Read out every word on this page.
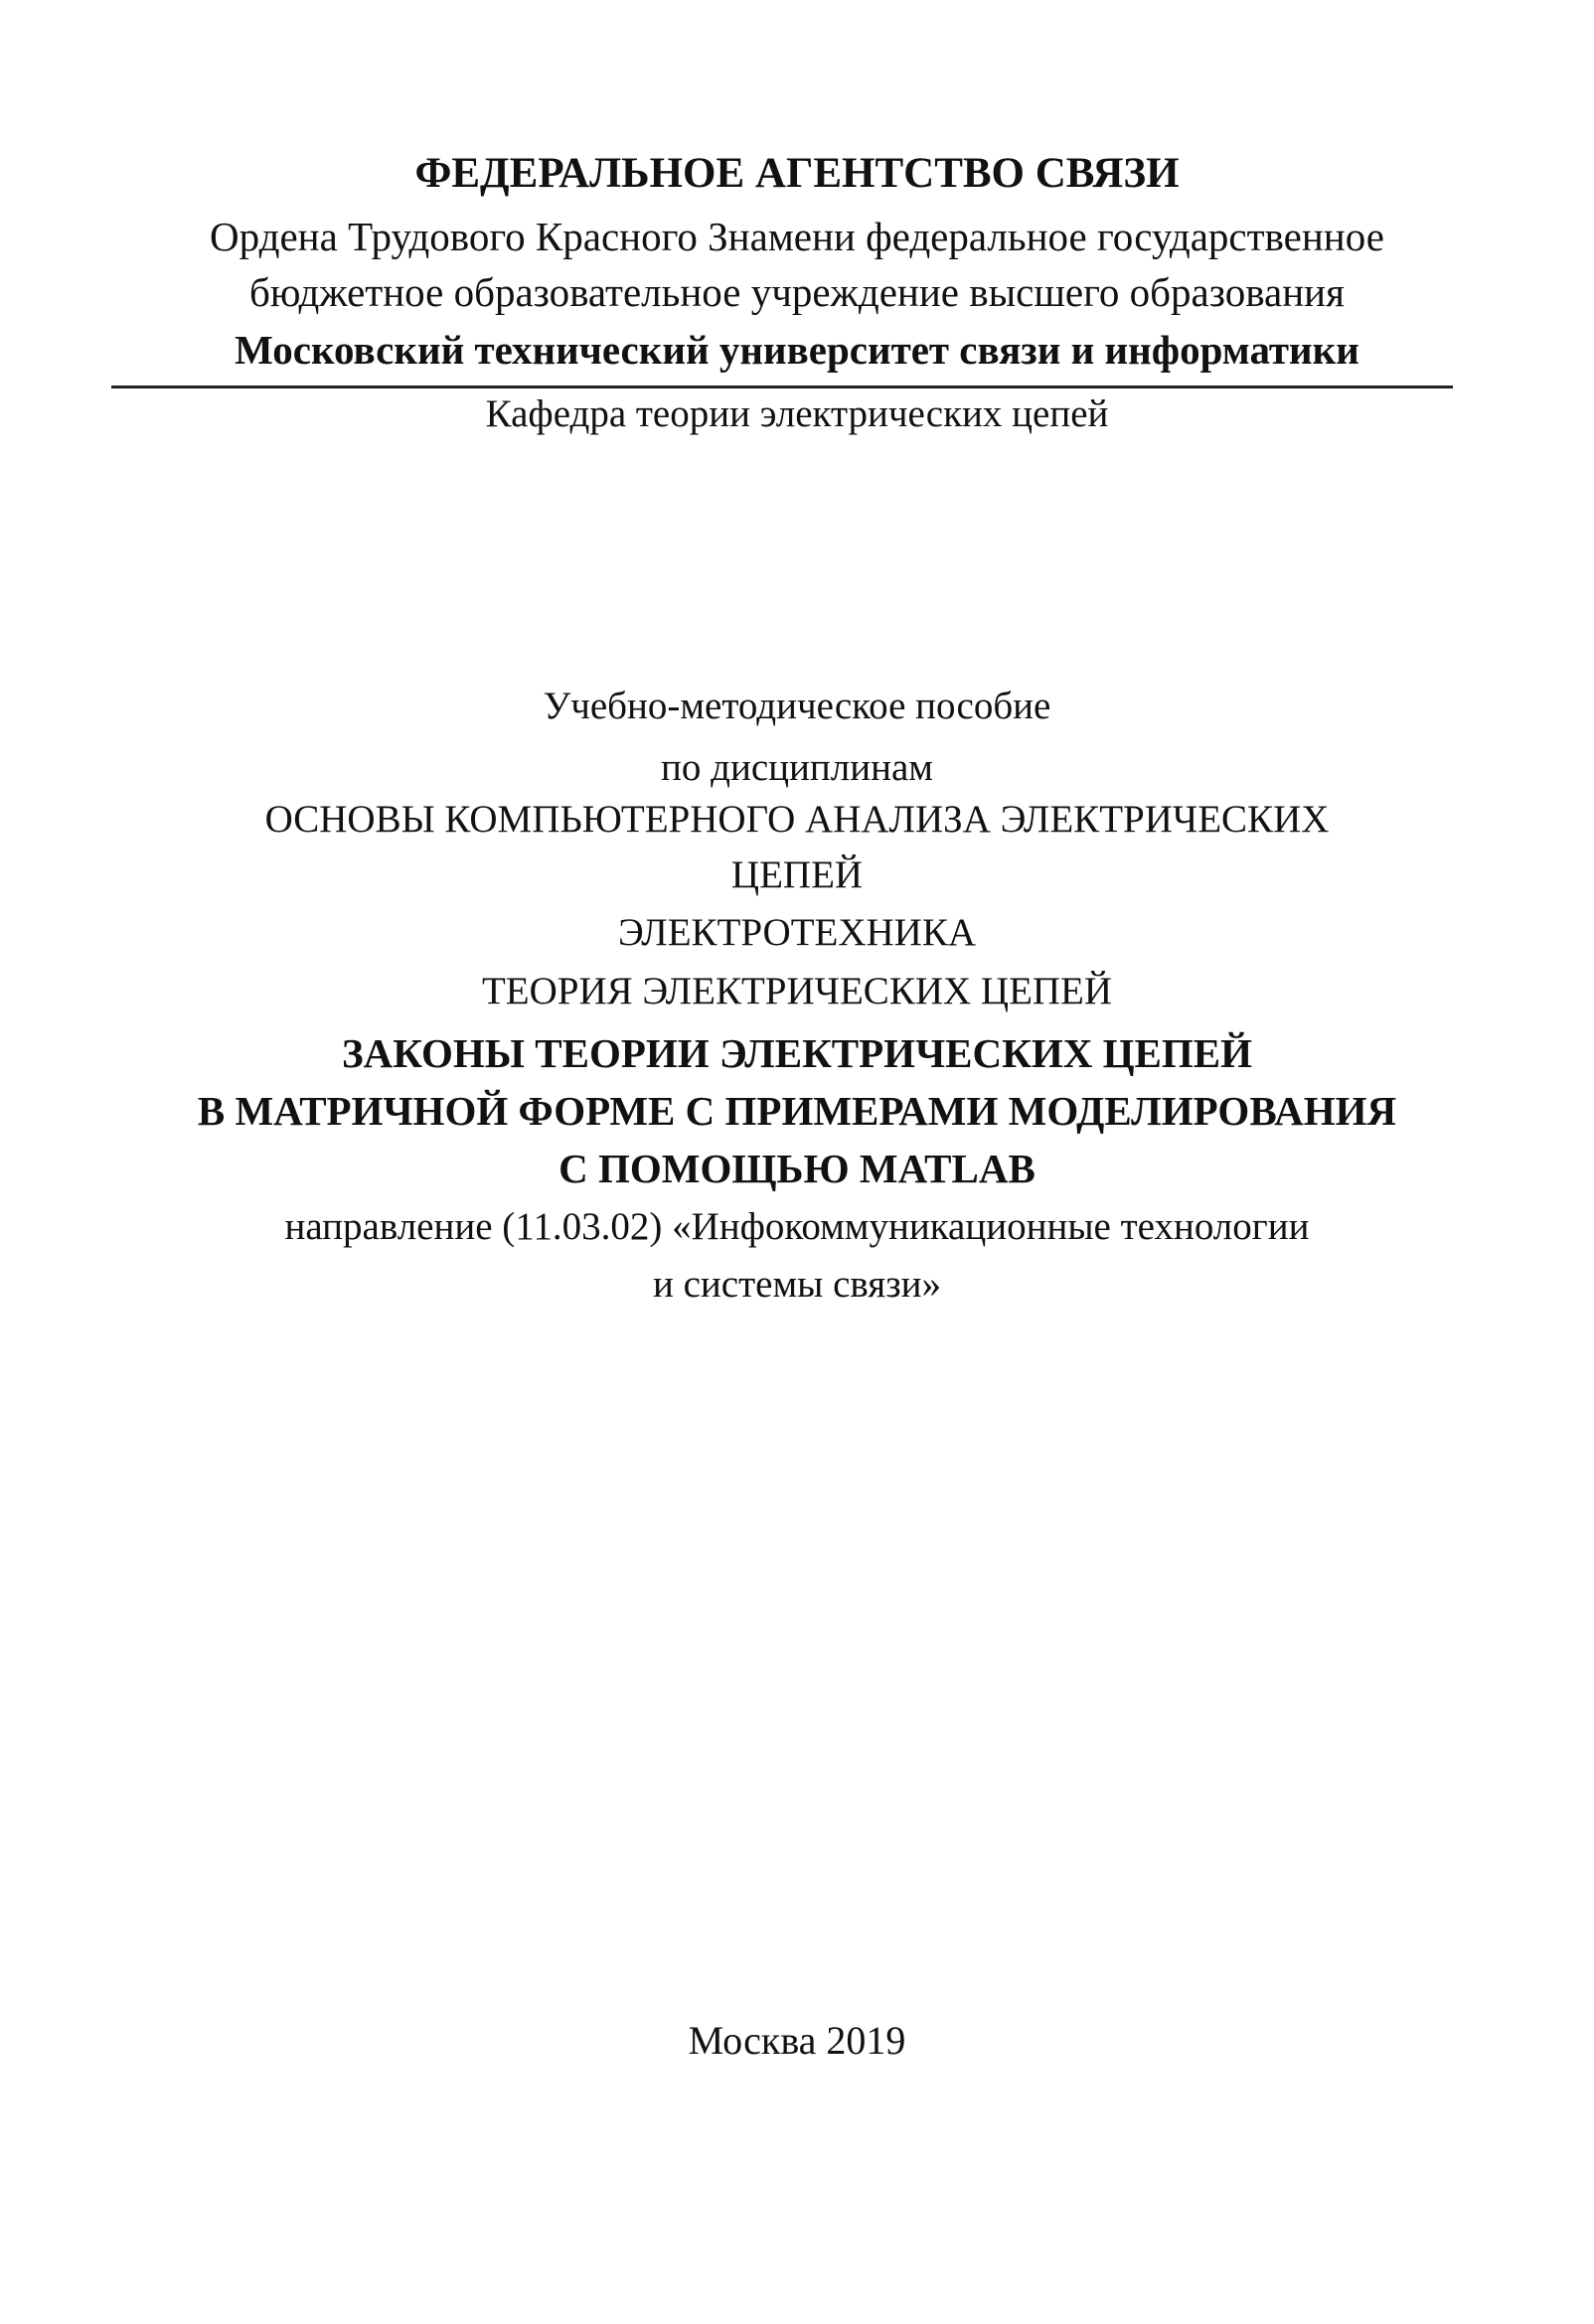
ФЕДЕРАЛЬНОЕ АГЕНТСТВО СВЯЗИ
Ордена Трудового Красного Знамени федеральное государственное
бюджетное образовательное учреждение высшего образования
Московский технический университет связи и информатики
Кафедра теории электрических цепей
Учебно-методическое пособие
по дисциплинам
ОСНОВЫ КОМПЬЮТЕРНОГО АНАЛИЗА ЭЛЕКТРИЧЕСКИХ
ЦЕПЕЙ
ЭЛЕКТРОТЕХНИКА
ТЕОРИЯ ЭЛЕКТРИЧЕСКИХ ЦЕПЕЙ
ЗАКОНЫ ТЕОРИИ ЭЛЕКТРИЧЕСКИХ ЦЕПЕЙ
В МАТРИЧНОЙ ФОРМЕ С ПРИМЕРАМИ МОДЕЛИРОВАНИЯ
С ПОМОЩЬЮ MATLAB
направление (11.03.02) «Инфокоммуникационные технологии
и системы связи»
Москва 2019
